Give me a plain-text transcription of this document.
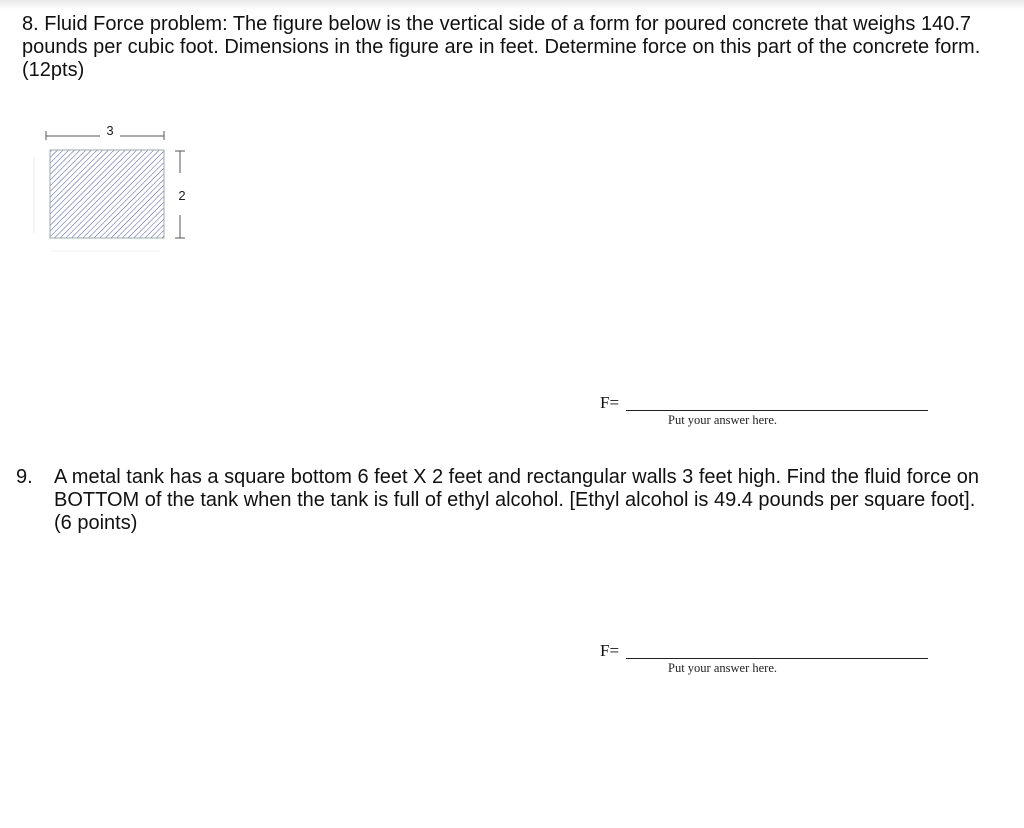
8. Fluid Force problem: The figure below is the vertical side of a form for poured concrete that weighs 140.7 pounds per cubic foot. Dimensions in the figure are in feet. Determine force on this part of the concrete form. (12pts)
3
2
F=
Put your answer here.
9.	A metal tank has a square bottom 6 feet X 2 feet and rectangular walls 3 feet high. Find the fluid force on BOTTOM of the tank when the tank is full of ethyl alcohol. [Ethyl alcohol is 49.4 pounds per square foot]. (6 points)
F=
Put your answer here.
